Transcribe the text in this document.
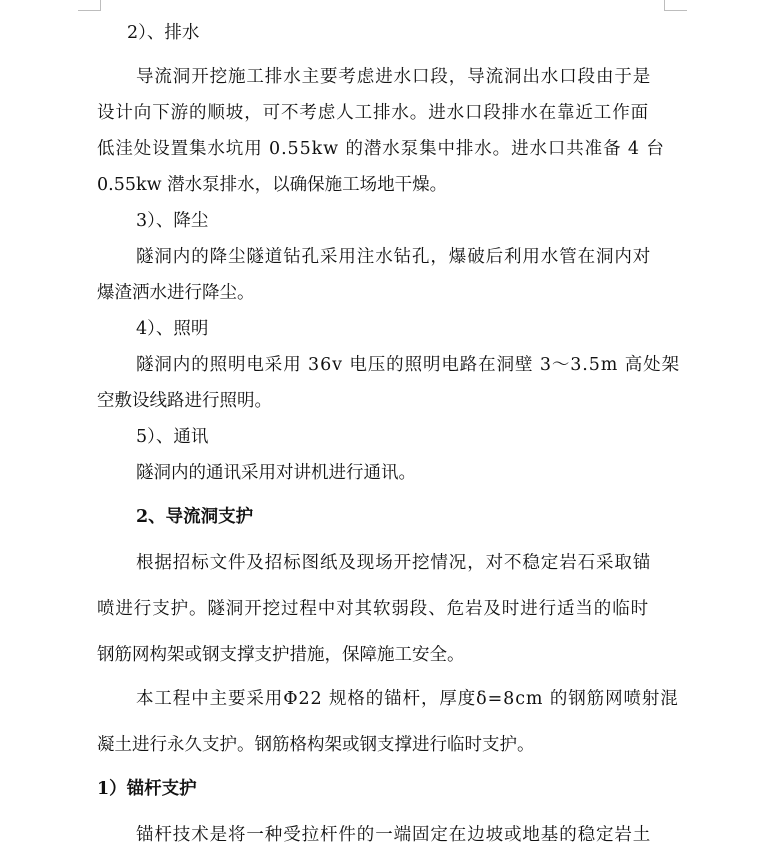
2）、排水
导流洞开挖施工排水主要考虑进水口段，导流洞出水口段由于是
设计向下游的顺坡，可不考虑人工排水。进水口段排水在靠近工作面
低洼处设置集水坑用 0.55kw 的潜水泵集中排水。进水口共准备 4 台
0.55kw 潜水泵排水，以确保施工场地干燥。
3）、降尘
隧洞内的降尘隧道钻孔采用注水钻孔，爆破后利用水管在洞内对
爆渣洒水进行降尘。
4）、照明
隧洞内的照明电采用 36v 电压的照明电路在洞壁 3～3.5m 高处架
空敷设线路进行照明。
5）、通讯
隧洞内的通讯采用对讲机进行通讯。
2、导流洞支护
根据招标文件及招标图纸及现场开挖情况，对不稳定岩石采取锚
喷进行支护。隧洞开挖过程中对其软弱段、危岩及时进行适当的临时
钢筋网构架或钢支撑支护措施，保障施工安全。
本工程中主要采用Φ22 规格的锚杆，厚度δ=8cm 的钢筋网喷射混
凝土进行永久支护。钢筋格构架或钢支撑进行临时支护。
1）锚杆支护
锚杆技术是将一种受拉杆件的一端固定在边坡或地基的稳定岩土
